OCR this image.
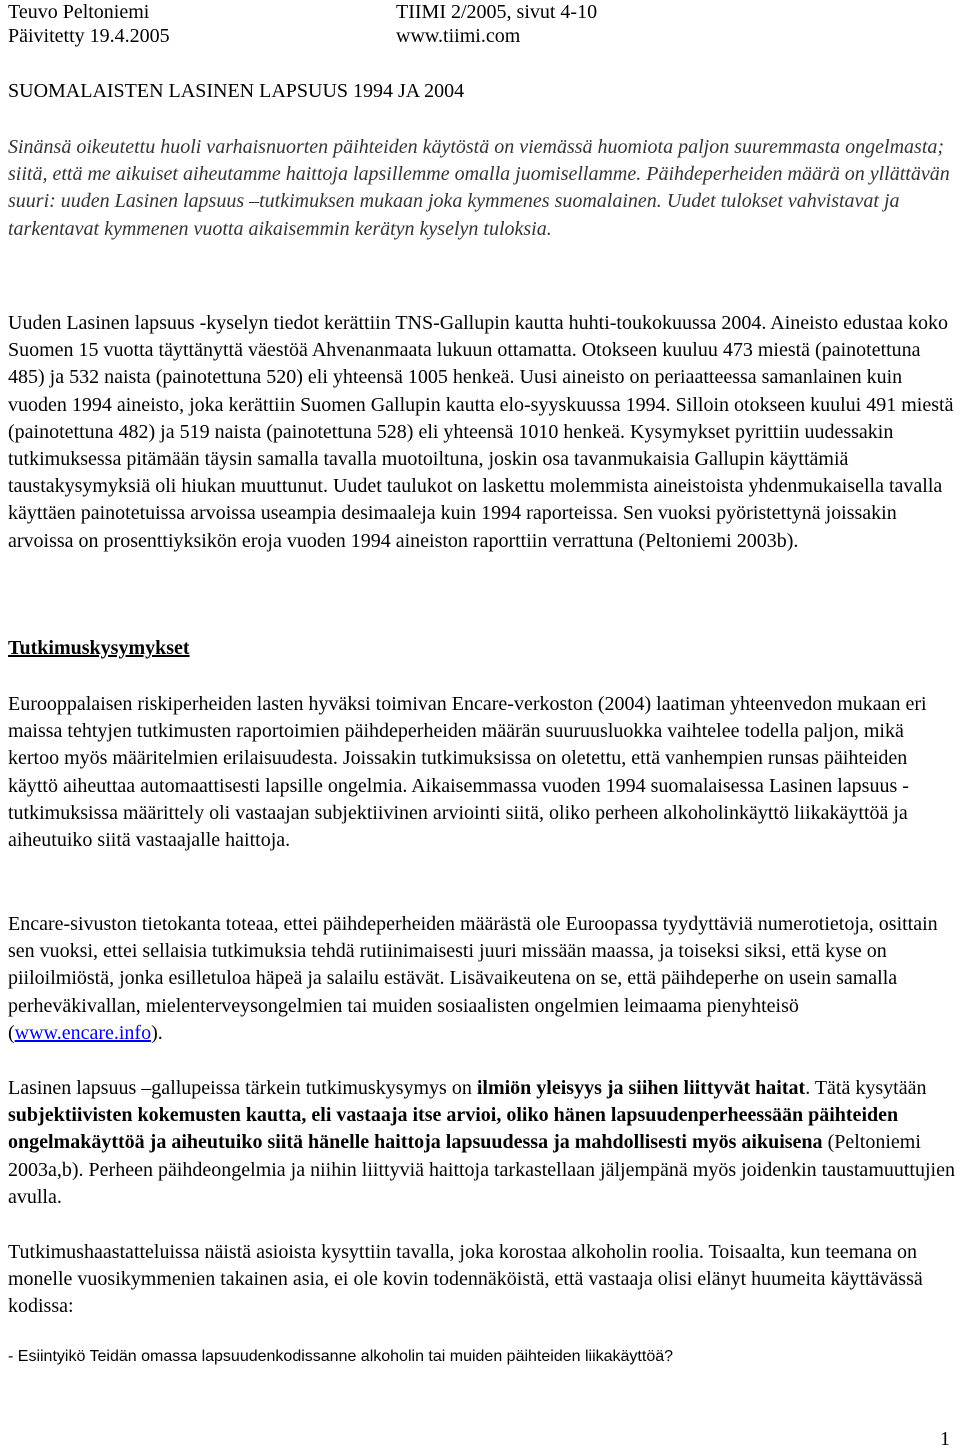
Teuvo Peltoniemi
Päivitetty 19.4.2005
TIIMI 2/2005, sivut 4-10
www.tiimi.com
SUOMALAISTEN LASINEN LAPSUUS 1994 JA 2004
Sinänsä oikeutettu huoli varhaisnuorten päihteiden käytöstä on viemässä huomiota paljon suuremmasta ongelmasta; siitä, että me aikuiset aiheutamme haittoja lapsillemme omalla juomisellamme. Päihdeperheiden määrä on yllättävän suuri: uuden Lasinen lapsuus –tutkimuksen mukaan joka kymmenes suomalainen. Uudet tulokset vahvistavat ja tarkentavat kymmenen vuotta aikaisemmin kerätyn kyselyn tuloksia.
Uuden Lasinen lapsuus -kyselyn tiedot kerättiin TNS-Gallupin kautta huhti-toukokuussa 2004. Aineisto edustaa koko Suomen 15 vuotta täyttänyttä väestöä Ahvenanmaata lukuun ottamatta. Otokseen kuuluu 473 miestä (painotettuna 485) ja 532 naista (painotettuna 520) eli yhteensä 1005 henkeä. Uusi aineisto on periaatteessa samanlainen kuin vuoden 1994 aineisto, joka kerättiin Suomen Gallupin kautta elo-syyskuussa 1994. Silloin otokseen kuului 491 miestä (painotettuna 482) ja 519 naista (painotettuna 528) eli yhteensä 1010 henkeä. Kysymykset pyrittiin uudessakin tutkimuksessa pitämään täysin samalla tavalla muotoiltuna, joskin osa tavanmukaisia Gallupin käyttämiä taustakysymyksiä oli hiukan muuttunut. Uudet taulukot on laskettu molemmista aineistoista yhdenmukaisella tavalla käyttäen painotetuissa arvoissa useampia desimaaleja kuin 1994 raporteissa. Sen vuoksi pyöristettynä joissakin arvoissa on prosenttiyksikön eroja vuoden 1994 aineiston raporttiin verrattuna (Peltoniemi 2003b).
Tutkimuskysymykset
Eurooppalaisen riskiperheiden lasten hyväksi toimivan Encare-verkoston (2004) laatiman yhteenvedon mukaan eri maissa tehtyjen tutkimusten raportoimien päihdeperheiden määrän suuruusluokka vaihtelee todella paljon, mikä kertoo myös määritelmien erilaisuudesta. Joissakin tutkimuksissa on oletettu, että vanhempien runsas päihteiden käyttö aiheuttaa automaattisesti lapsille ongelmia. Aikaisemmassa vuoden 1994 suomalaisessa Lasinen lapsuus -tutkimuksissa määrittely oli vastaajan subjektiivinen arviointi siitä, oliko perheen alkoholinkäyttö liikakäyttöä ja aiheutuiko siitä vastaajalle haittoja.
Encare-sivuston tietokanta toteaa, ettei päihdeperheiden määrästä ole Euroopassa tyydyttäviä numerotietoja, osittain sen vuoksi, ettei sellaisia tutkimuksia tehdä rutiinimaisesti juuri missään maassa, ja toiseksi siksi, että kyse on piiloilmiöstä, jonka esilletuloa häpeä ja salailu estävät. Lisävaikeutena on se, että päihdeperhe on usein samalla perheväkivallan, mielenterveysongelmien tai muiden sosiaalisten ongelmien leimaama pienyhteisö (www.encare.info).
Lasinen lapsuus –gallupeissa tärkein tutkimuskysymys on ilmiön yleisyys ja siihen liittyvät haitat. Tätä kysytään subjektiivisten kokemusten kautta, eli vastaaja itse arvioi, oliko hänen lapsuudenperheessään päihteiden ongelmakäyttöä ja aiheutuiko siitä hänelle haittoja lapsuudessa ja mahdollisesti myös aikuisena (Peltoniemi 2003a,b). Perheen päihdeongelmia ja niihin liittyviä haittoja tarkastellaan jäljempänä myös joidenkin taustamuuttujien avulla.
Tutkimushaastatteluissa näistä asioista kysyttiin tavalla, joka korostaa alkoholin roolia. Toisaalta, kun teemana on monelle vuosikymmenien takainen asia, ei ole kovin todennäköistä, että vastaaja olisi elänyt huumeita käyttävässä kodissa:
- Esiintyikö Teidän omassa lapsuudenkodissanne alkoholin tai muiden päihteiden liikakäyttöä?
1
